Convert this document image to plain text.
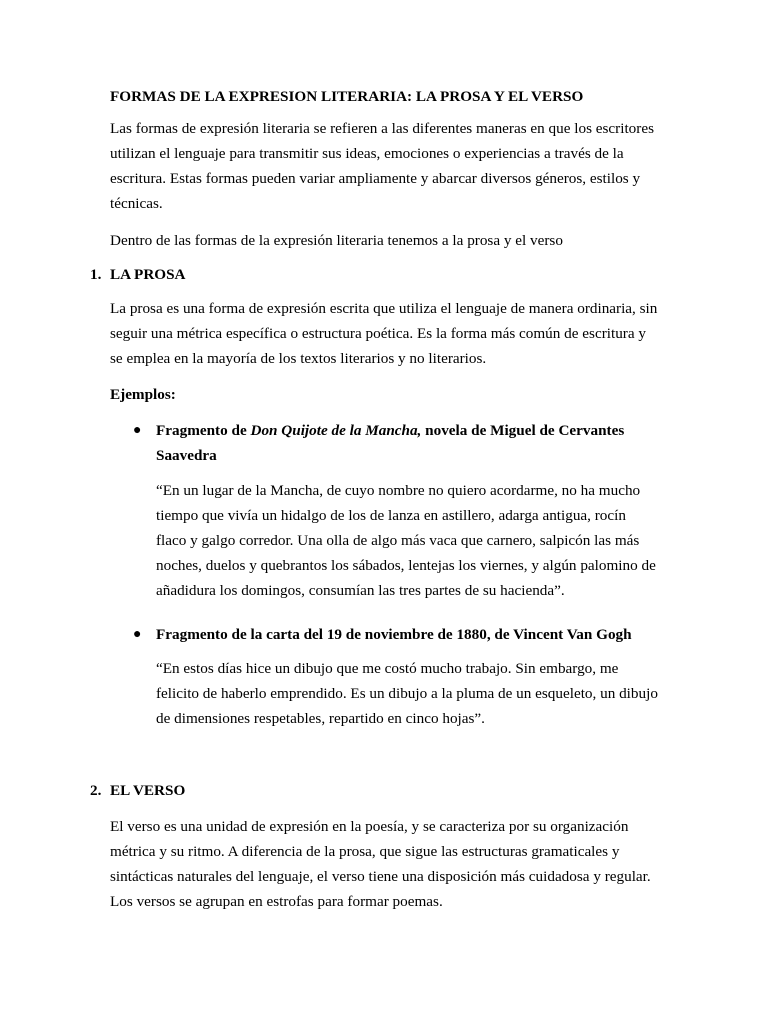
FORMAS DE LA EXPRESION LITERARIA: LA PROSA Y EL VERSO

Las formas de expresión literaria se refieren a las diferentes maneras en que los escritores utilizan el lenguaje para transmitir sus ideas, emociones o experiencias a través de la escritura. Estas formas pueden variar ampliamente y abarcar diversos géneros, estilos y técnicas.

Dentro de las formas de la expresión literaria tenemos a la prosa y el verso

1. LA PROSA

La prosa es una forma de expresión escrita que utiliza el lenguaje de manera ordinaria, sin seguir una métrica específica o estructura poética. Es la forma más común de escritura y se emplea en la mayoría de los textos literarios y no literarios.

Ejemplos:
● Fragmento de Don Quijote de la Mancha, novela de Miguel de Cervantes Saavedra

“En un lugar de la Mancha, de cuyo nombre no quiero acordarme, no ha mucho tiempo que vivía un hidalgo de los de lanza en astillero, adarga antigua, rocín flaco y galgo corredor. Una olla de algo más vaca que carnero, salpicón las más noches, duelos y quebrantos los sábados, lentejas los viernes, y algún palomino de añadidura los domingos, consumían las tres partes de su hacienda”.

● Fragmento de la carta del 19 de noviembre de 1880, de Vincent Van Gogh

“En estos días hice un dibujo que me costó mucho trabajo. Sin embargo, me felicito de haberlo emprendido. Es un dibujo a la pluma de un esqueleto, un dibujo de dimensiones respetables, repartido en cinco hojas”.

2. EL VERSO

El verso es una unidad de expresión en la poesía, y se caracteriza por su organización métrica y su ritmo. A diferencia de la prosa, que sigue las estructuras gramaticales y sintácticas naturales del lenguaje, el verso tiene una disposición más cuidadosa y regular. Los versos se agrupan en estrofas para formar poemas.
